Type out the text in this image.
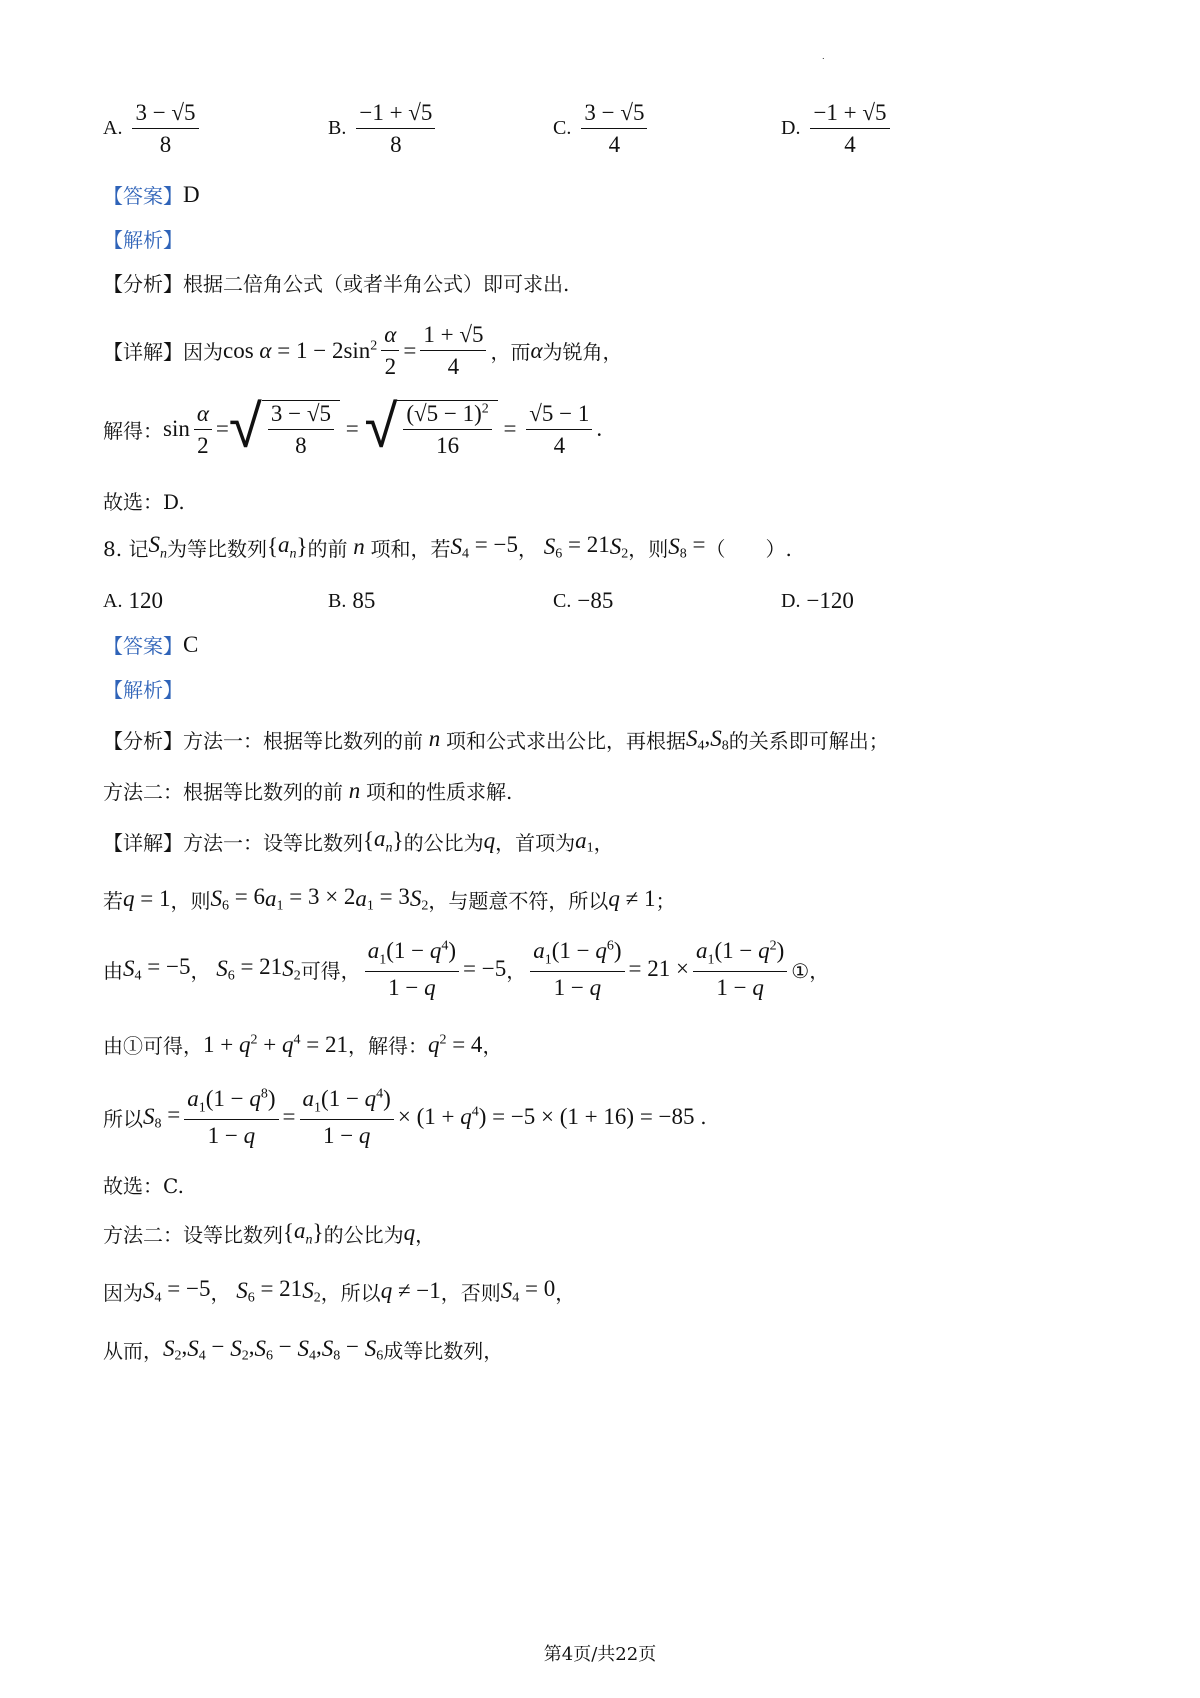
.
A. $\frac{3 - √5}{8}$	B. $\frac{-1 + √5}{8}$	C. $\frac{3 - √5}{4}$	D. $\frac{-1 + √5}{4}$
【答案】 D
【解析】
【分析】 根据二倍角公式（或者半角公式）即可求出.
【详解】 因为 $\cos \alpha = 1 - 2\sin^2 \frac{\alpha}{2} = \frac{1 + √5}{4}$ ，而 α 为锐角，
解得： $\sin \frac{\alpha}{2}$ = √ $\frac{3 - √5}{8}$ = √ $\frac{(√5 - 1)^2}{16} = \frac{√5 - 1}{4}$ .
故选：D.
8. 记 $S_n$ 为等比数列 { $a_n$ } 的前 n 项和，若 S $_4$ = −5 ， S $_6$ = 21 S $_2$ ，则 S $_8$ = （　　）.
A. 120	B. 85	C. −85	D. −120
【答案】 C
【解析】
【分析】 方法一：根据等比数列的前 n 项和公式求出公比，再根据 S $_4$, S $_8$ 的关系即可解出；
方法二：根据等比数列的前 n 项和的性质求解.
【详解】 方法一：设等比数列 { $a_n$ } 的公比为 q ，首项为 a $_1$ ，
若 q = 1 ，则 S $_6$ = 6 a $_1$ = 3 × 2 a $_1$ = 3 S $_2$ ，与题意不符，所以 q ≠ 1 ；
由 S $_4$ = −5 ， S $_6$ = 21 S $_2$ 可得， $\frac{a_1(1 - q^4)}{1 - q} = -5$ ， $\frac{a_1(1 - q^6)}{1 - q} = 21 \times \frac{a_1(1 - q^2)}{1 - q}$ ①，
由①可得， 1 + q $^2$ + q $^4$ = 21 ，解得： q $^2$ = 4 ，
所以 S $_8 = \frac{a_1(1 - q^8)}{1 - q} = \frac{a_1(1 - q^4)}{1 - q} \times (1 + q$ $^4$) = −5 × (1 + 16) = −85 .
故选：C.
方法二：设等比数列 { $a_n$ } 的公比为 q ，
因为 S $_4$ = −5 ， S $_6$ = 21 S $_2$ ，所以 q ≠ −1 ，否则 S $_4$ = 0 ，
从而， S $_2$, S $_4$ − S $_2$, S $_6$ − S $_4$, S $_8$ − S $_6$ 成等比数列，
第4页/共22页
